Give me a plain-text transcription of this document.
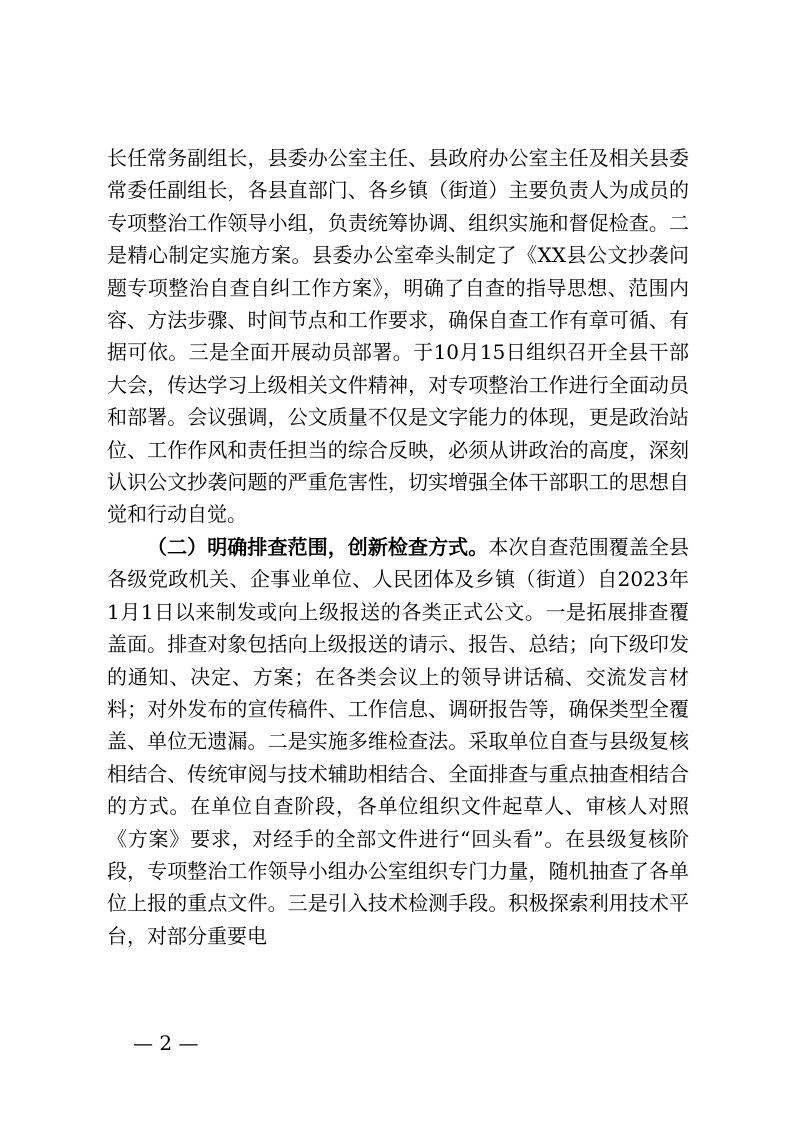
长任常务副组长，县委办公室主任、县政府办公室主任及相关县委常委任副组长，各县直部门、各乡镇（街道）主要负责人为成员的专项整治工作领导小组，负责统筹协调、组织实施和督促检查。二是精心制定实施方案。县委办公室牵头制定了《XX县公文抄袭问题专项整治自查自纠工作方案》，明确了自查的指导思想、范围内容、方法步骤、时间节点和工作要求，确保自查工作有章可循、有据可依。三是全面开展动员部署。于10月15日组织召开全县干部大会，传达学习上级相关文件精神，对专项整治工作进行全面动员和部署。会议强调，公文质量不仅是文字能力的体现，更是政治站位、工作作风和责任担当的综合反映，必须从讲政治的高度，深刻认识公文抄袭问题的严重危害性，切实增强全体干部职工的思想自觉和行动自觉。

（二）明确排查范围，创新检查方式。本次自查范围覆盖全县各级党政机关、企事业单位、人民团体及乡镇（街道）自2023年1月1日以来制发或向上级报送的各类正式公文。一是拓展排查覆盖面。排查对象包括向上级报送的请示、报告、总结；向下级印发的通知、决定、方案；在各类会议上的领导讲话稿、交流发言材料；对外发布的宣传稿件、工作信息、调研报告等，确保类型全覆盖、单位无遗漏。二是实施多维检查法。采取单位自查与县级复核相结合、传统审阅与技术辅助相结合、全面排查与重点抽查相结合的方式。在单位自查阶段，各单位组织文件起草人、审核人对照《方案》要求，对经手的全部文件进行“回头看”。在县级复核阶段，专项整治工作领导小组办公室组织专门力量，随机抽查了各单位上报的重点文件。三是引入技术检测手段。积极探索利用技术平台，对部分重要电

— 2 —
